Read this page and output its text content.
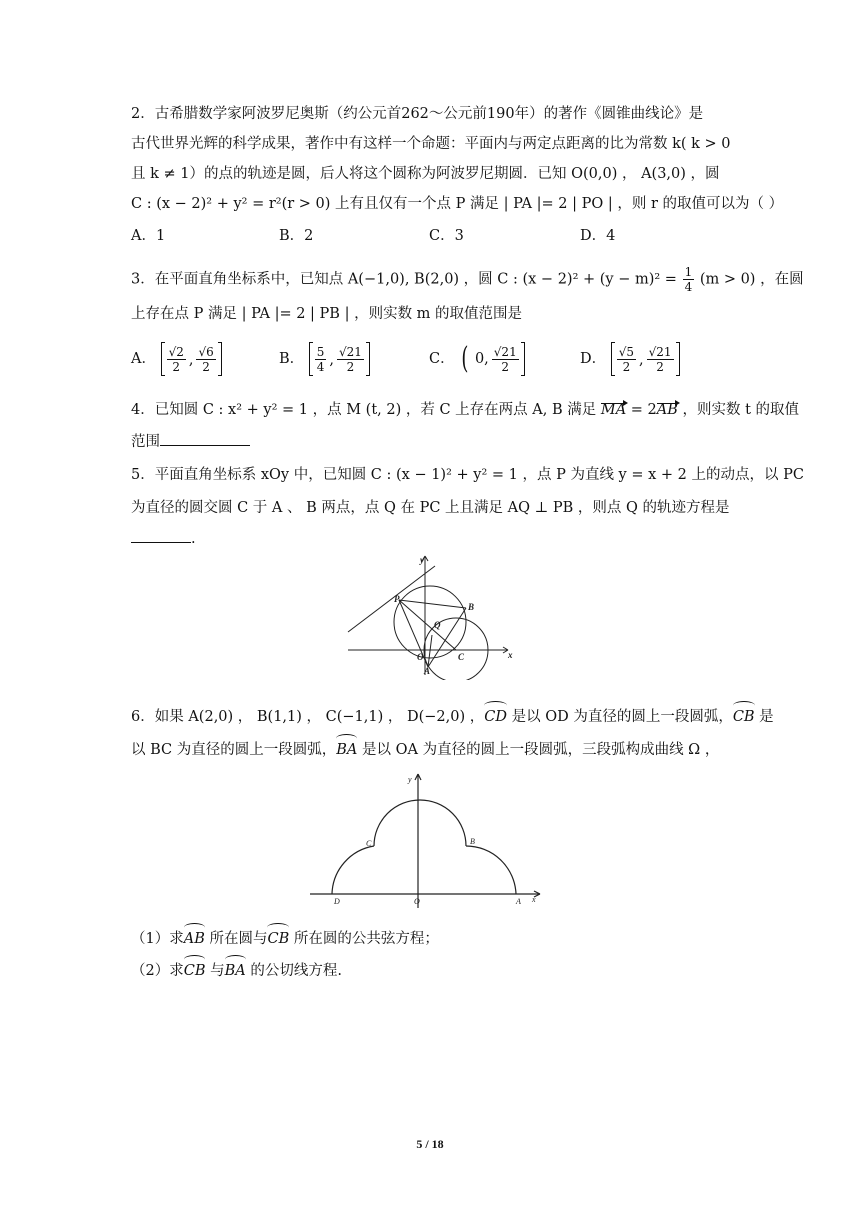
2．古希腊数学家阿波罗尼奥斯（约公元首262～公元前190年）的著作《圆锥曲线论》是
古代世界光辉的科学成果，著作中有这样一个命题：平面内与两定点距离的比为常数 k( k > 0
且 k ≠ 1）的点的轨迹是圆，后人将这个圆称为阿波罗尼期圆．已知 O(0,0) ， A(3,0) ，圆
C : (x − 2)² + y² = r²(r > 0) 上有且仅有一个点 P 满足 | PA |= 2 | PO | ，则 r 的取值可以为（ ）
A．1	B．2	C．3	D．4
3．在平面直角坐标系中，已知点 A(−1,0), B(2,0) ，圆 C : $(x - 2)^2 + (y - m)^2 = \frac{1}{4} (m > 0)$ ，在圆
上存在点 P 满足 | PA |= 2 | PB | ，则实数 m 的取值范围是
A． $\frac{√2}{2}$ , $\frac{√6}{2}$	B． $\frac{5}{4}$ , $\frac{√21}{2}$	C． ( 0, $\frac{√21}{2}$	D． $\frac{√5}{2}$ , $\frac{√21}{2}$
4．已知圆 C : x² + y² = 1 ，点 M (t, 2) ，若 C 上存在两点 A, B 满足 MA = 2AB ，则实数 t 的取值
范围
5．平面直角坐标系 xOy 中，已知圆 C : (x − 1)² + y² = 1 ，点 P 为直线 y = x + 2 上的动点，以 PC
为直径的圆交圆 C 于 A 、 B 两点，点 Q 在 PC 上且满足 AQ ⊥ PB ，则点 Q 的轨迹方程是
.
y
P
B
Q
O	C	x
A
6．如果 A(2,0) ， B(1,1) ， C(−1,1) ， D(−2,0) ，CD 是以 OD 为直径的圆上一段圆弧，CB 是
以 BC 为直径的圆上一段圆弧，BA 是以 OA 为直径的圆上一段圆弧，三段弧构成曲线 Ω ，
y
C	B
D	O	A x
（1）求AB 所在圆与CB 所在圆的公共弦方程；
（2）求CB 与BA 的公切线方程.
5 / 18
